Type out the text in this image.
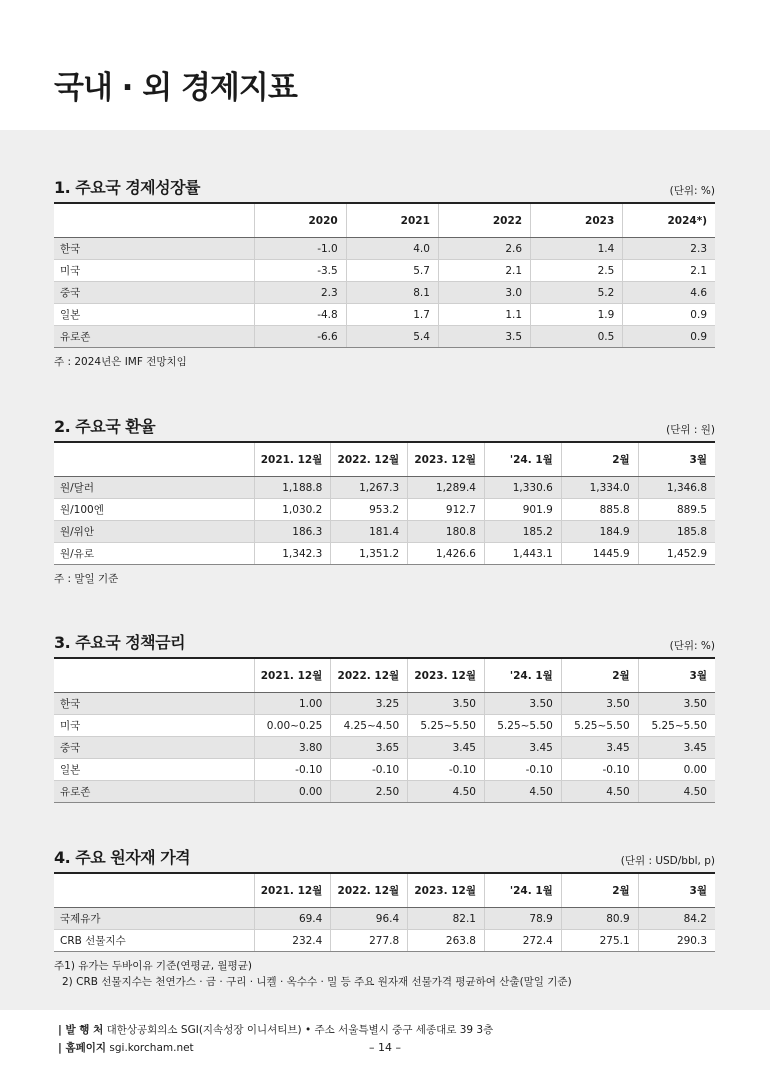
국내 · 외 경제지표
1. 주요국 경제성장률	(단위: %)
	2020	2021	2022	2023	2024*)
한국	-1.0	4.0	2.6	1.4	2.3
미국	-3.5	5.7	2.1	2.5	2.1
중국	2.3	8.1	3.0	5.2	4.6
일본	-4.8	1.7	1.1	1.9	0.9
유로존	-6.6	5.4	3.5	0.5	0.9
주 : 2024년은 IMF 전망치임
2. 주요국 환율	(단위 : 원)
	2021. 12월	2022. 12월	2023. 12월	'24. 1월	2월	3월
원/달러	1,188.8	1,267.3	1,289.4	1,330.6	1,334.0	1,346.8
원/100엔	1,030.2	953.2	912.7	901.9	885.8	889.5
원/위안	186.3	181.4	180.8	185.2	184.9	185.8
원/유로	1,342.3	1,351.2	1,426.6	1,443.1	1445.9	1,452.9
주 : 말일 기준
3. 주요국 정책금리	(단위: %)
	2021. 12월	2022. 12월	2023. 12월	'24. 1월	2월	3월
한국	1.00	3.25	3.50	3.50	3.50	3.50
미국	0.00~0.25	4.25~4.50	5.25~5.50	5.25~5.50	5.25~5.50	5.25~5.50
중국	3.80	3.65	3.45	3.45	3.45	3.45
일본	-0.10	-0.10	-0.10	-0.10	-0.10	0.00
유로존	0.00	2.50	4.50	4.50	4.50	4.50
4. 주요 원자재 가격	(단위 : USD/bbl, p)
	2021. 12월	2022. 12월	2023. 12월	'24. 1월	2월	3월
국제유가	69.4	96.4	82.1	78.9	80.9	84.2
CRB 선물지수	232.4	277.8	263.8	272.4	275.1	290.3
주1) 유가는 두바이유 기준(연평균, 월평균)
2) CRB 선물지수는 천연가스 · 금 · 구리 · 니켈 · 옥수수 · 밀 등 주요 원자재 선물가격 평균하여 산출(말일 기준)
| 발 행 처 대한상공회의소 SGI(지속성장 이니셔티브) • 주소 서울특별시 중구 세종대로 39 3층
| 홈페이지 sgi.korcham.net	– 14 –
